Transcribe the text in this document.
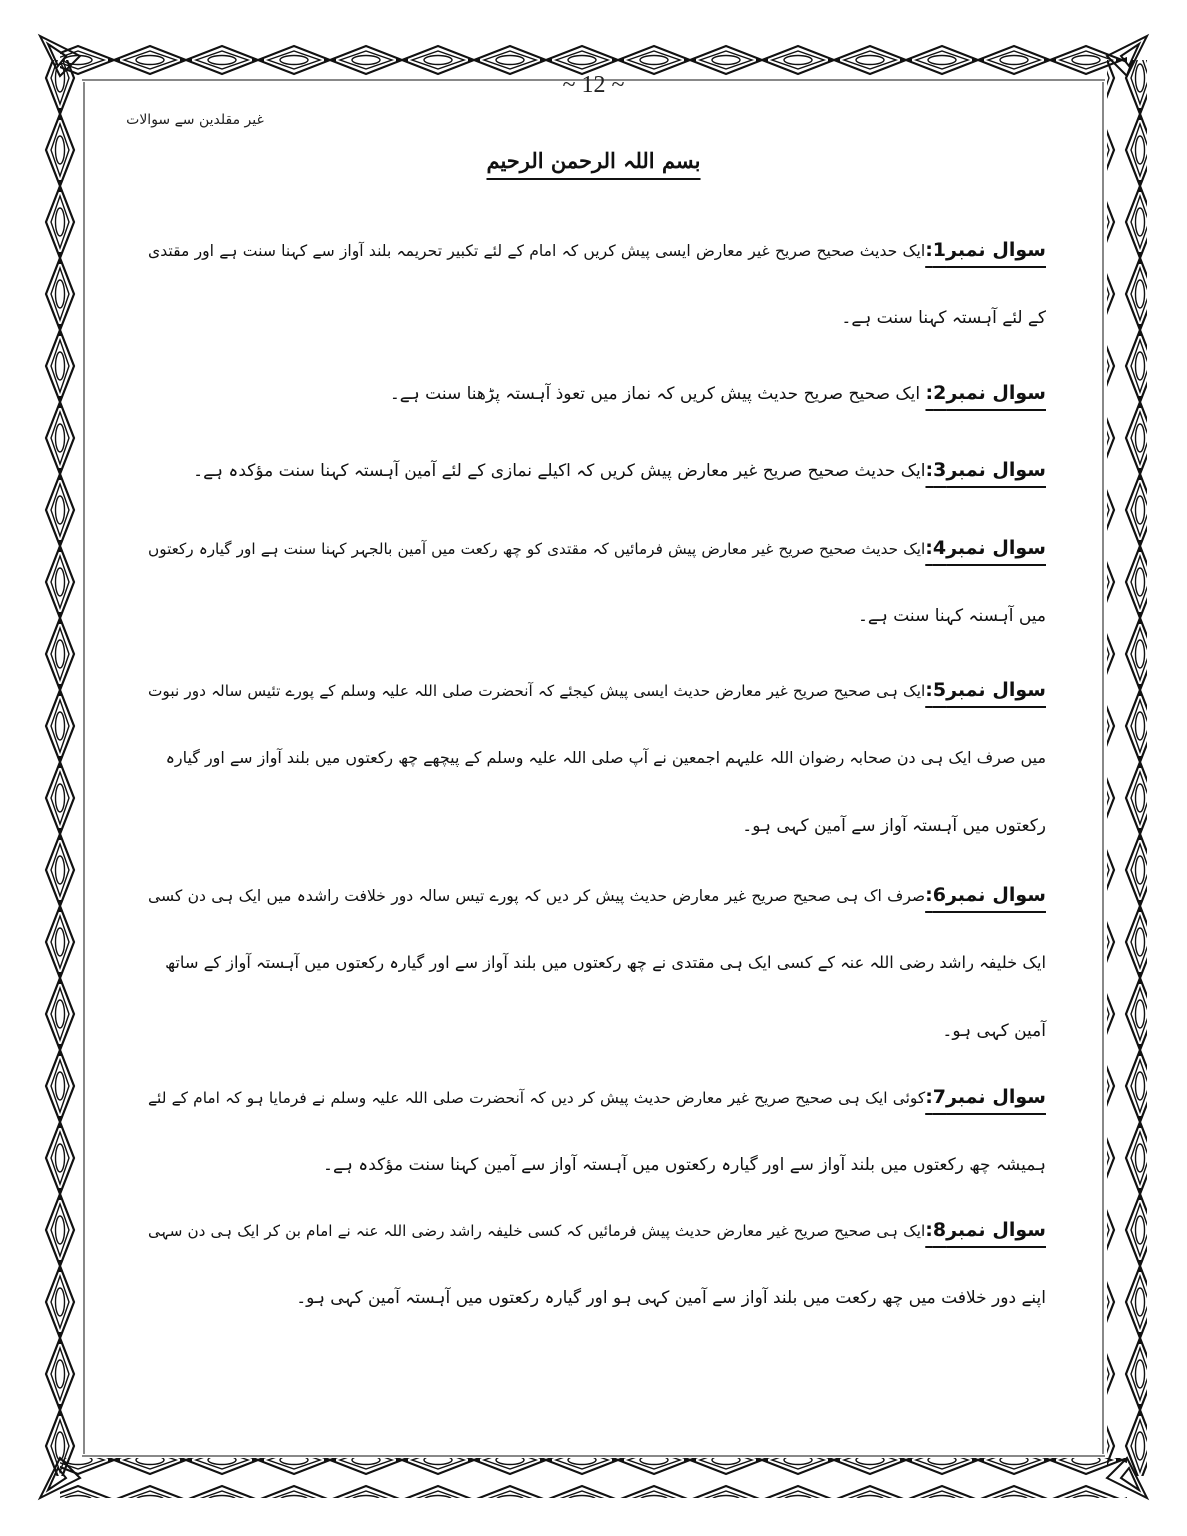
~ 12 ~
غیر مقلدین سے سوالات
بسم اللہ الرحمن الرحیم
سوال نمبر1:ایک حدیث صحیح صریح غیر معارض ایسی پیش کریں کہ امام کے لئے تکبیر تحریمہ بلند آواز سے کہنا سنت ہے اور مقتدی
کے لئے آہستہ کہنا سنت ہے۔
سوال نمبر2: ایک صحیح صریح حدیث پیش کریں کہ نماز میں تعوذ آہستہ پڑھنا سنت ہے۔
سوال نمبر3:ایک حدیث صحیح صریح غیر معارض پیش کریں کہ اکیلے نمازی کے لئے آمین آہستہ کہنا سنت مؤکدہ ہے۔
سوال نمبر4:ایک حدیث صحیح صریح غیر معارض پیش فرمائیں کہ مقتدی کو چھ رکعت میں آمین بالجہر کہنا سنت ہے اور گیارہ رکعتوں
میں آہسنہ کہنا سنت ہے۔
سوال نمبر5:ایک ہی صحیح صریح غیر معارض حدیث ایسی پیش کیجئے کہ آنحضرت صلی اللہ علیہ وسلم کے پورے تئیس سالہ دور نبوت
میں صرف ایک ہی دن صحابہ رضوان اللہ علیہم اجمعین نے آپ صلی اللہ علیہ وسلم کے پیچھے چھ رکعتوں میں بلند آواز سے اور گیارہ
رکعتوں میں آہستہ آواز سے آمین کہی ہو۔
سوال نمبر6:صرف اک ہی صحیح صریح غیر معارض حدیث پیش کر دیں کہ پورے تیس سالہ دور خلافت راشدہ میں ایک ہی دن کسی
ایک خلیفہ راشد رضی اللہ عنہ کے کسی ایک ہی مقتدی نے چھ رکعتوں میں بلند آواز سے اور گیارہ رکعتوں میں آہستہ آواز کے ساتھ
آمین کہی ہو۔
سوال نمبر7:کوئی ایک ہی صحیح صریح غیر معارض حدیث پیش کر دیں کہ آنحضرت صلی اللہ علیہ وسلم نے فرمایا ہو کہ امام کے لئے
ہمیشہ چھ رکعتوں میں بلند آواز سے اور گیارہ رکعتوں میں آہستہ آواز سے آمین کہنا سنت مؤکدہ ہے۔
سوال نمبر8:ایک ہی صحیح صریح غیر معارض حدیث پیش فرمائیں کہ کسی خلیفہ راشد رضی اللہ عنہ نے امام بن کر ایک ہی دن سہی
اپنے دور خلافت میں چھ رکعت میں بلند آواز سے آمین کہی ہو اور گیارہ رکعتوں میں آہستہ آمین کہی ہو۔
